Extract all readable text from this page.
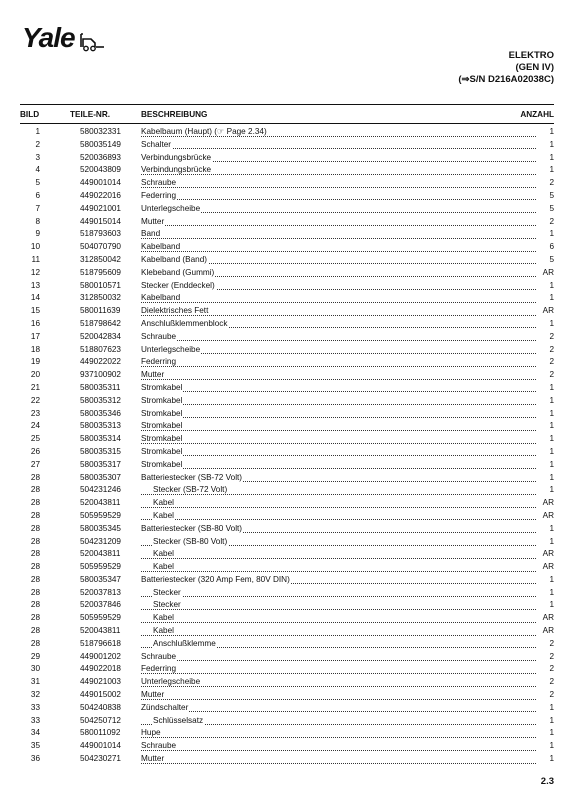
Yale
ELEKTRO
(GEN IV)
(⇒S/N D216A02038C)
BILD	TEILE-NR.	BESCHREIBUNG	ANZAHL
1	580032331 Kabelbaum (Haupt) (☞ Page 2.34)	1
2	580035149 Schalter	1
3	520036893 Verbindungsbrücke	1
4	520043809 Verbindungsbrücke	1
5	449001014 Schraube	2
6	449022016 Federring	5
7	449021001 Unterlegscheibe	5
8	449015014 Mutter	2
9	518793603 Band	1
10	504070790 Kabelband	6
11	312850042 Kabelband (Band)	5
12	518795609 Klebeband (Gummi)	AR
13	580010571 Stecker (Enddeckel)	1
14	312850032 Kabelband	1
15	580011639	Dielektrisches Fett	AR
16	518798642 Anschlußklemmenblock	1
17	520042834 Schraube	2
18	518807623 Unterlegscheibe	2
19	449022022 Federring	2
20	937100902 Mutter	2
21	580035311	Stromkabel	1
22	580035312 Stromkabel	1
23	580035346 Stromkabel	1
24	580035313 Stromkabel	1
25	580035314 Stromkabel	1
26	580035315 Stromkabel	1
27	580035317 Stromkabel	1
28	580035307 Batteriestecker (SB-72 Volt)	1
28	504231246	Stecker (SB-72 Volt)	1
28	520043811	Kabel	AR
28	505959529	Kabel	AR
28	580035345 Batteriestecker (SB-80 Volt)	1
28	504231209	Stecker (SB-80 Volt)	1
28	520043811	Kabel	AR
28	505959529	Kabel	AR
28	580035347 Batteriestecker (320 Amp Fem, 80V DIN)	1
28	520037813	Stecker	1
28	520037846	Stecker	1
28	505959529	Kabel	AR
28	520043811	Kabel	AR
28	518796618	Anschlußklemme	2
29	449001202 Schraube	2
30	449022018 Federring	2
31	449021003 Unterlegscheibe	2
32	449015002 Mutter	2
33	504240838 Zündschalter	1
33	504250712	Schlüsselsatz	1
34	580011092	Hupe	1
35	449001014 Schraube	1
36	504230271 Mutter	1
2.3
